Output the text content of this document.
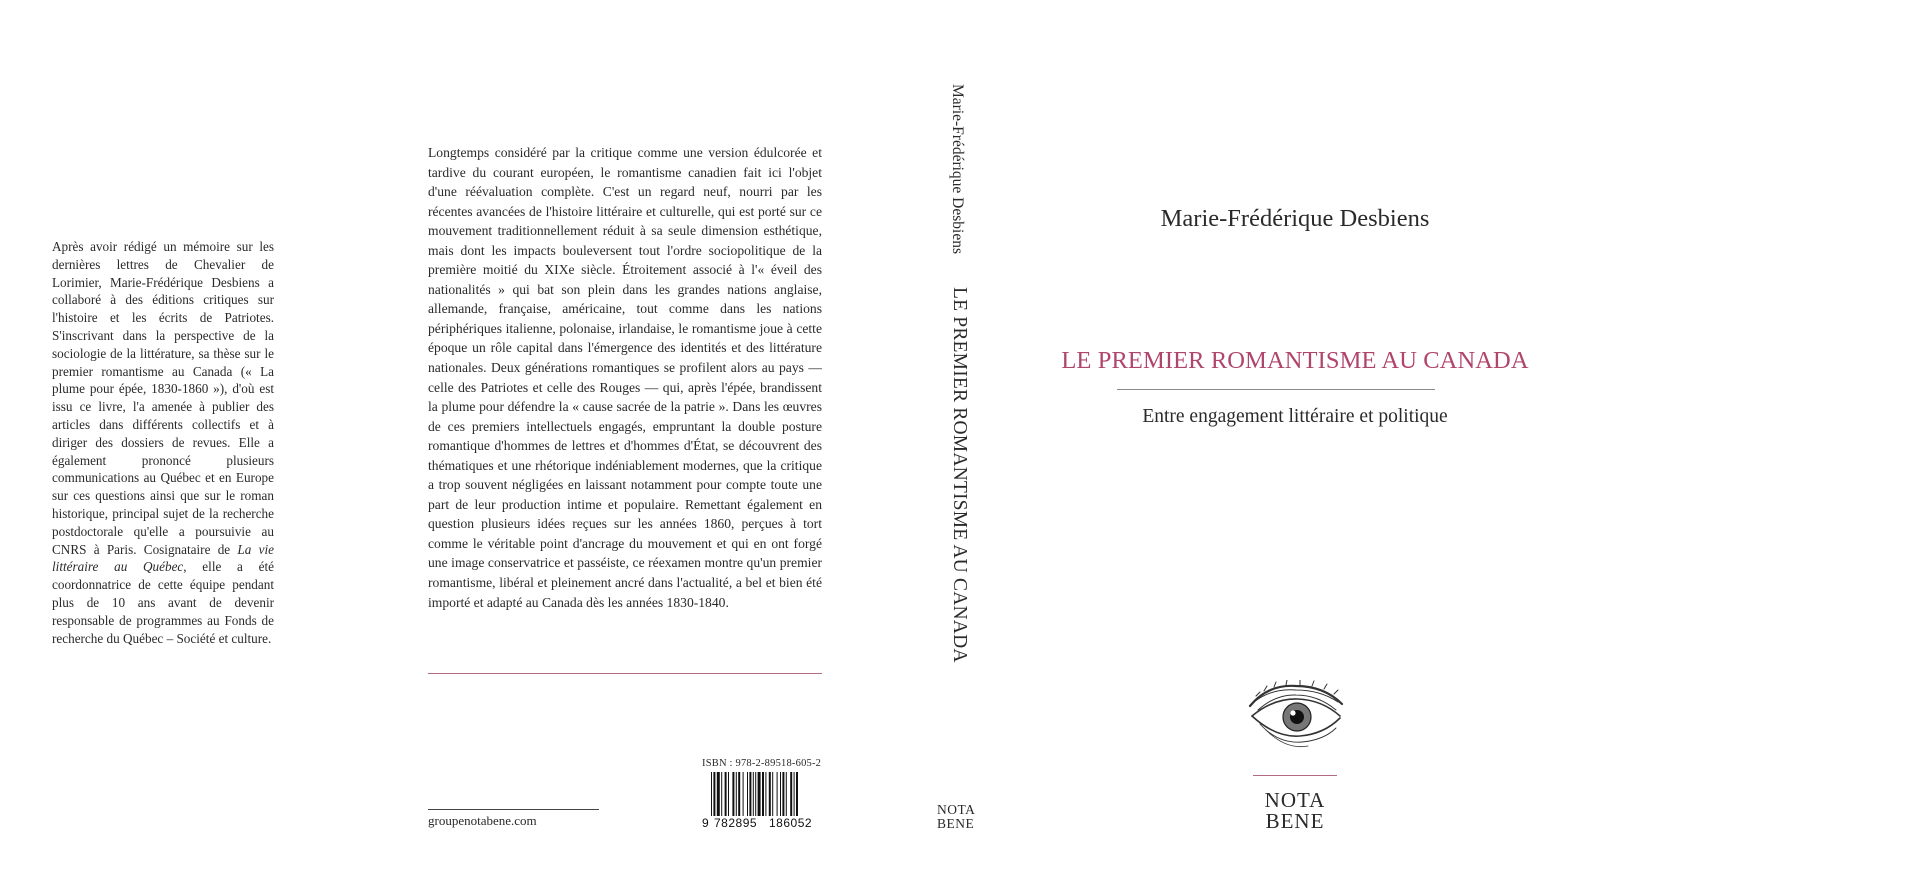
Après avoir rédigé un mémoire sur les dernières lettres de Chevalier de Lorimier, Marie-Frédérique Desbiens a collaboré à des éditions critiques sur l'histoire et les écrits de Patriotes. S'inscrivant dans la perspective de la sociologie de la littérature, sa thèse sur le premier romantisme au Canada (« La plume pour épée, 1830-1860 »), d'où est issu ce livre, l'a amenée à publier des articles dans différents collectifs et à diriger des dossiers de revues. Elle a également prononcé plusieurs communications au Québec et en Europe sur ces questions ainsi que sur le roman historique, principal sujet de la recherche postdoctorale qu'elle a poursuivie au CNRS à Paris. Cosignataire de La vie littéraire au Québec, elle a été coordonnatrice de cette équipe pendant plus de 10 ans avant de devenir responsable de programmes au Fonds de recherche du Québec – Société et culture.
Longtemps considéré par la critique comme une version édulcorée et tardive du courant européen, le romantisme canadien fait ici l'objet d'une réévaluation complète. C'est un regard neuf, nourri par les récentes avancées de l'histoire littéraire et culturelle, qui est porté sur ce mouvement traditionnellement réduit à sa seule dimension esthétique, mais dont les impacts bouleversent tout l'ordre sociopolitique de la première moitié du XIXe siècle. Étroitement associé à l'« éveil des nationalités » qui bat son plein dans les grandes nations anglaise, allemande, française, américaine, tout comme dans les nations périphériques italienne, polonaise, irlandaise, le romantisme joue à cette époque un rôle capital dans l'émergence des identités et des littérature nationales. Deux générations romantiques se profilent alors au pays — celle des Patriotes et celle des Rouges — qui, après l'épée, brandissent la plume pour défendre la « cause sacrée de la patrie ». Dans les œuvres de ces premiers intellectuels engagés, empruntant la double posture romantique d'hommes de lettres et d'hommes d'État, se découvrent des thématiques et une rhétorique indéniablement modernes, que la critique a trop souvent négligées en laissant notamment pour compte toute une part de leur production intime et populaire. Remettant également en question plusieurs idées reçues sur les années 1860, perçues à tort comme le véritable point d'ancrage du mouvement et qui en ont forgé une image conservatrice et passéiste, ce réexamen montre qu'un premier romantisme, libéral et pleinement ancré dans l'actualité, a bel et bien été importé et adapté au Canada dès les années 1830-1840.
groupenotabene.com
ISBN : 978-2-89518-605-2
9 782895 186052
Marie-Frédérique Desbiens
LE PREMIER ROMANTISME AU CANADA
NOTA
BENE
Marie-Frédérique Desbiens
LE PREMIER ROMANTISME AU CANADA
Entre engagement littéraire et politique
NOTA
BENE
